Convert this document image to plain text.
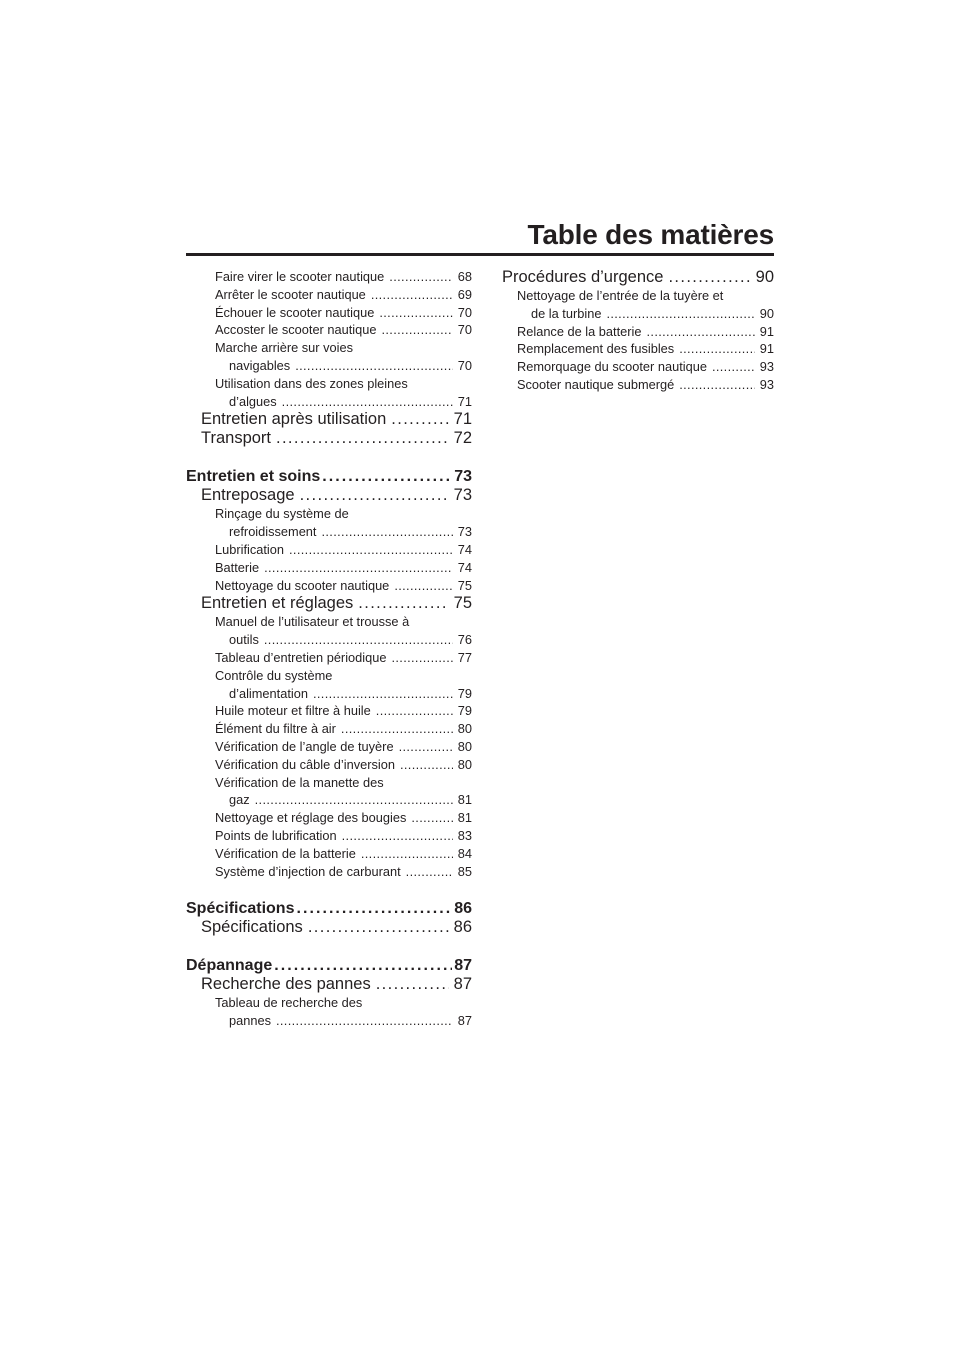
Table des matières
Faire virer le scooter nautique . . .	68
Arrêter le scooter nautique . . .	69
Échouer le scooter nautique . . .	70
Accoster le scooter nautique . . .	70
Marche arrière sur voies
navigables . . .	70
Utilisation dans des zones pleines
d’algues . . .	71
Entretien après utilisation . . .	71
Transport . . .	72
Entretien et soins . . .	73
Entreposage . . .	73
Rinçage du système de
refroidissement . . .	73
Lubrification . . .	74
Batterie . . .	74
Nettoyage du scooter nautique . . .	75
Entretien et réglages . . .	75
Manuel de l’utilisateur et trousse à
outils . . .	76
Tableau d’entretien périodique . . .	77
Contrôle du système
d’alimentation . . .	79
Huile moteur et filtre à huile . . .	79
Élément du filtre à air . . .	80
Vérification de l’angle de tuyère . . .	80
Vérification du câble d’inversion . . .	80
Vérification de la manette des
gaz . . .	81
Nettoyage et réglage des bougies . . .	81
Points de lubrification . . .	83
Vérification de la batterie . . .	84
Système d’injection de carburant . . .	85
Spécifications . . .	86
Spécifications . . .	86
Dépannage . . .	87
Recherche des pannes . . .	87
Tableau de recherche des
pannes . . .	87
Procédures d’urgence . . .	90
Nettoyage de l’entrée de la tuyère et
de la turbine . . .	90
Relance de la batterie . . .	91
Remplacement des fusibles . . .	91
Remorquage du scooter nautique . . .	93
Scooter nautique submergé . . .	93
